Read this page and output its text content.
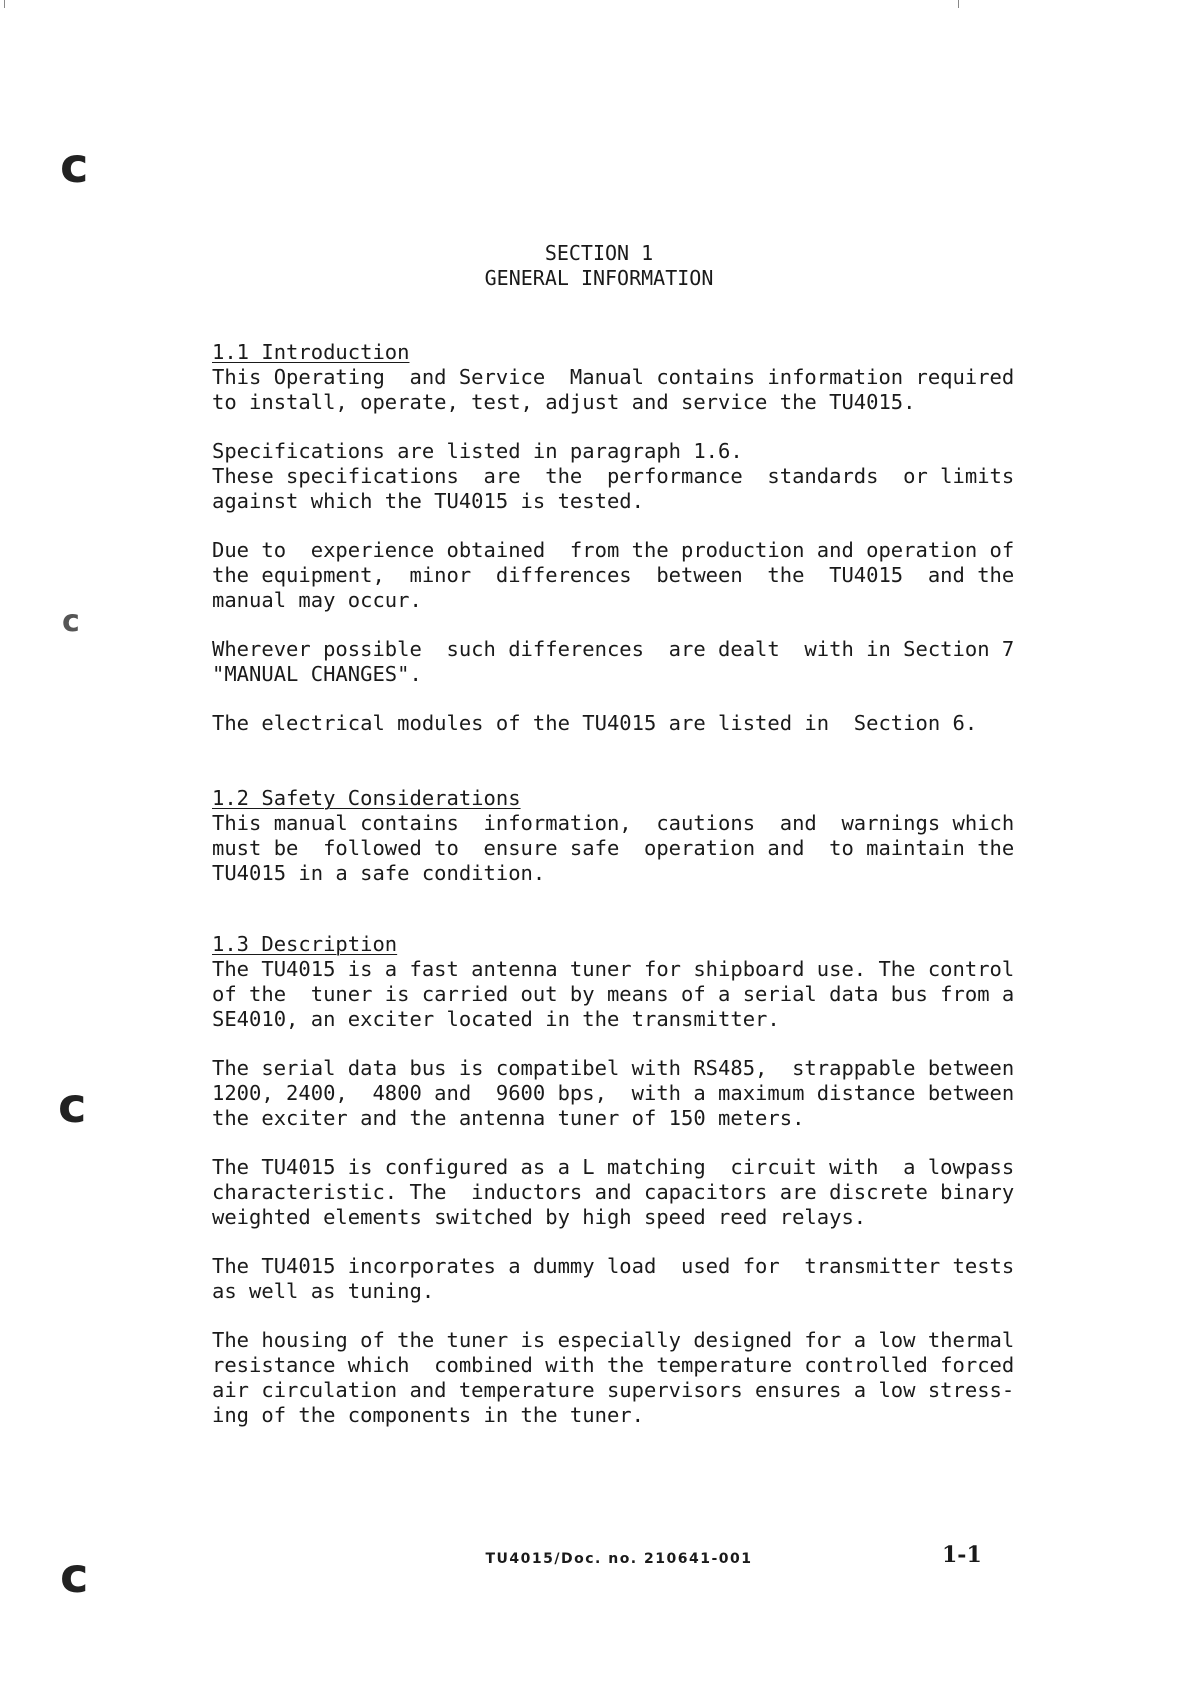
c
c
c
c
SECTION 1
GENERAL INFORMATION
1.1 Introduction

This Operating  and Service  Manual contains information required
to install, operate, test, adjust and service the TU4015.

Specifications are listed in paragraph 1.6.
These specifications  are  the  performance  standards  or limits
against which the TU4015 is tested.

Due to  experience obtained  from the production and operation of
the equipment,  minor  differences  between  the  TU4015  and the
manual may occur.

Wherever possible  such differences  are dealt  with in Section 7
"MANUAL CHANGES".

The electrical modules of the TU4015 are listed in  Section 6.

1.2 Safety Considerations

This manual contains  information,  cautions  and  warnings which
must be  followed to  ensure safe  operation and  to maintain the
TU4015 in a safe condition.

1.3 Description

The TU4015 is a fast antenna tuner for shipboard use. The control
of the  tuner is carried out by means of a serial data bus from a
SE4010, an exciter located in the transmitter.

The serial data bus is compatibel with RS485,  strappable between
1200, 2400,  4800 and  9600 bps,  with a maximum distance between
the exciter and the antenna tuner of 150 meters.

The TU4015 is configured as a L matching  circuit with  a lowpass
characteristic. The  inductors and capacitors are discrete binary
weighted elements switched by high speed reed relays.

The TU4015 incorporates a dummy load  used for  transmitter tests
as well as tuning.

The housing of the tuner is especially designed for a low thermal
resistance which  combined with the temperature controlled forced
air circulation and temperature supervisors ensures a low stress-
ing of the components in the tuner.

TU4015/Doc. no. 210641-001	1-1
